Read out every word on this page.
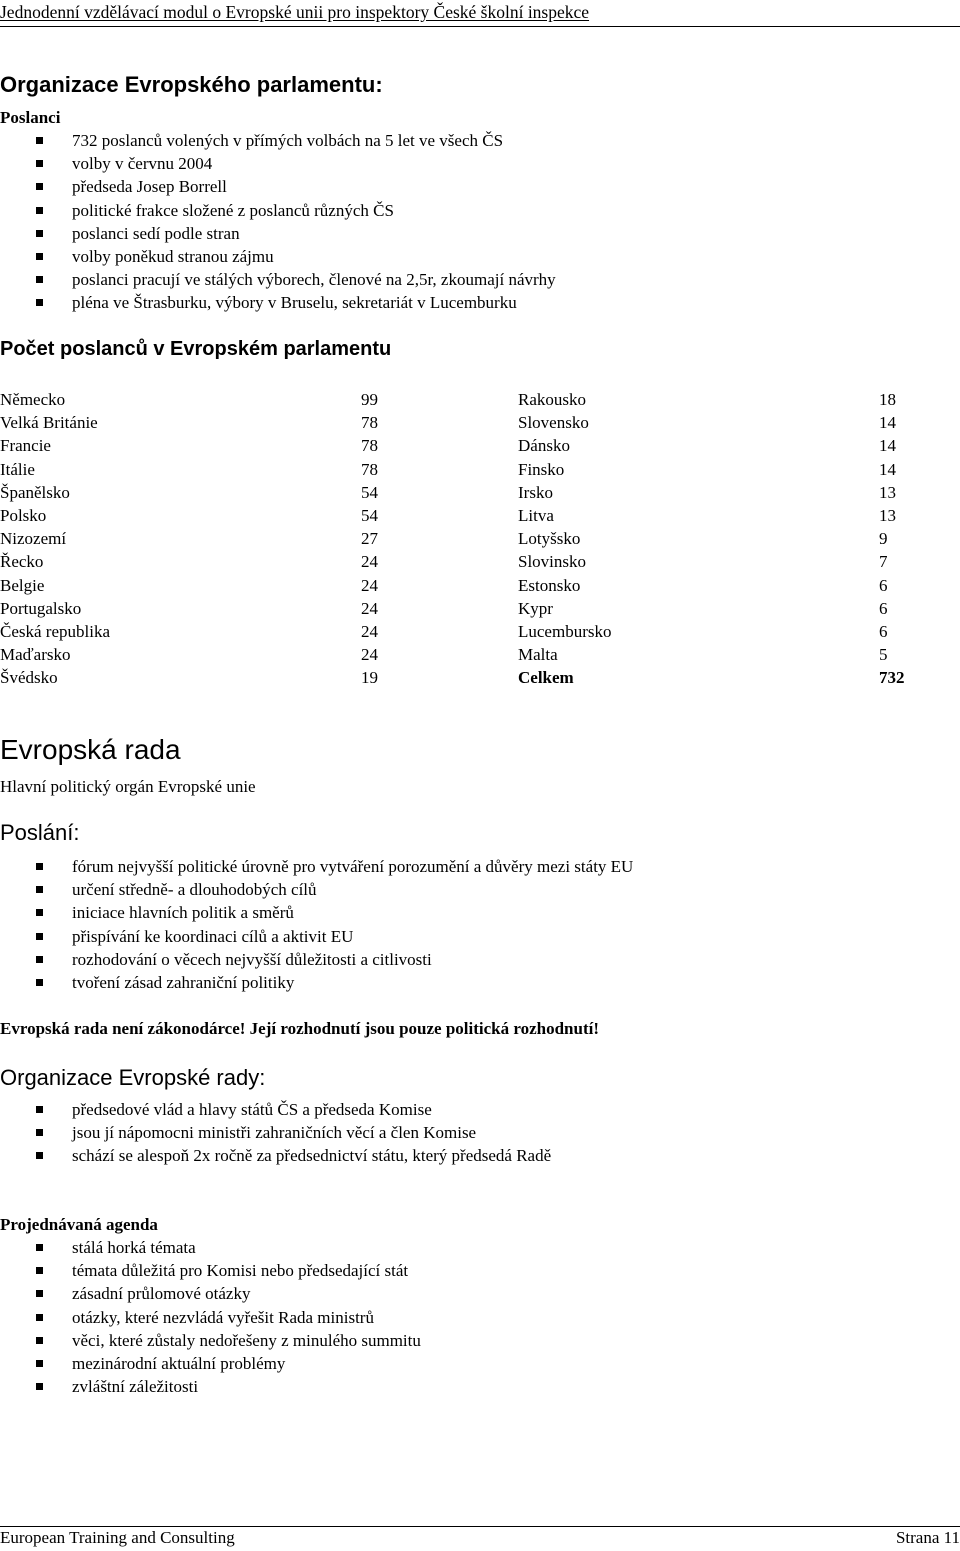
Jednodenní vzdělávací modul o Evropské unii pro inspektory České školní inspekce
Organizace Evropského parlamentu:
Poslanci
732 poslanců volených v přímých volbách na 5 let ve všech ČS
volby v červnu 2004
předseda Josep Borrell
politické frakce složené z poslanců různých ČS
poslanci sedí podle stran
volby poněkud stranou zájmu
poslanci pracují ve stálých výborech, členové na 2,5r, zkoumají návrhy
pléna ve Štrasburku, výbory v Bruselu, sekretariát v Lucemburku
Počet poslanců v Evropském parlamentu
Německo	99	Rakousko	18
Velká Británie	78	Slovensko	14
Francie	78	Dánsko	14
Itálie	78	Finsko	14
Španělsko	54	Irsko	13
Polsko	54	Litva	13
Nizozemí	27	Lotyšsko	9
Řecko	24	Slovinsko	7
Belgie	24	Estonsko	6
Portugalsko	24	Kypr	6
Česká republika	24	Lucembursko	6
Maďarsko	24	Malta	5
Švédsko	19	Celkem	732
Evropská rada
Hlavní politický orgán Evropské unie
Poslání:
fórum nejvyšší politické úrovně pro vytváření porozumění a důvěry mezi státy EU
určení středně- a dlouhodobých cílů
iniciace hlavních politik a směrů
přispívání ke koordinaci cílů a aktivit EU
rozhodování o věcech nejvyšší důležitosti a citlivosti
tvoření zásad zahraniční politiky
Evropská rada není zákonodárce! Její rozhodnutí jsou pouze politická rozhodnutí!
Organizace Evropské rady:
předsedové vlád a hlavy států ČS a předseda Komise
jsou jí nápomocni ministři zahraničních věcí a člen Komise
schází se alespoň 2x ročně za předsednictví státu, který předsedá Radě
Projednávaná agenda
stálá horká témata
témata důležitá pro Komisi nebo předsedající stát
zásadní průlomové otázky
otázky, které nezvládá vyřešit Rada ministrů
věci, které zůstaly nedořešeny z minulého summitu
mezinárodní aktuální problémy
zvláštní záležitosti
European Training and Consulting	Strana 11
